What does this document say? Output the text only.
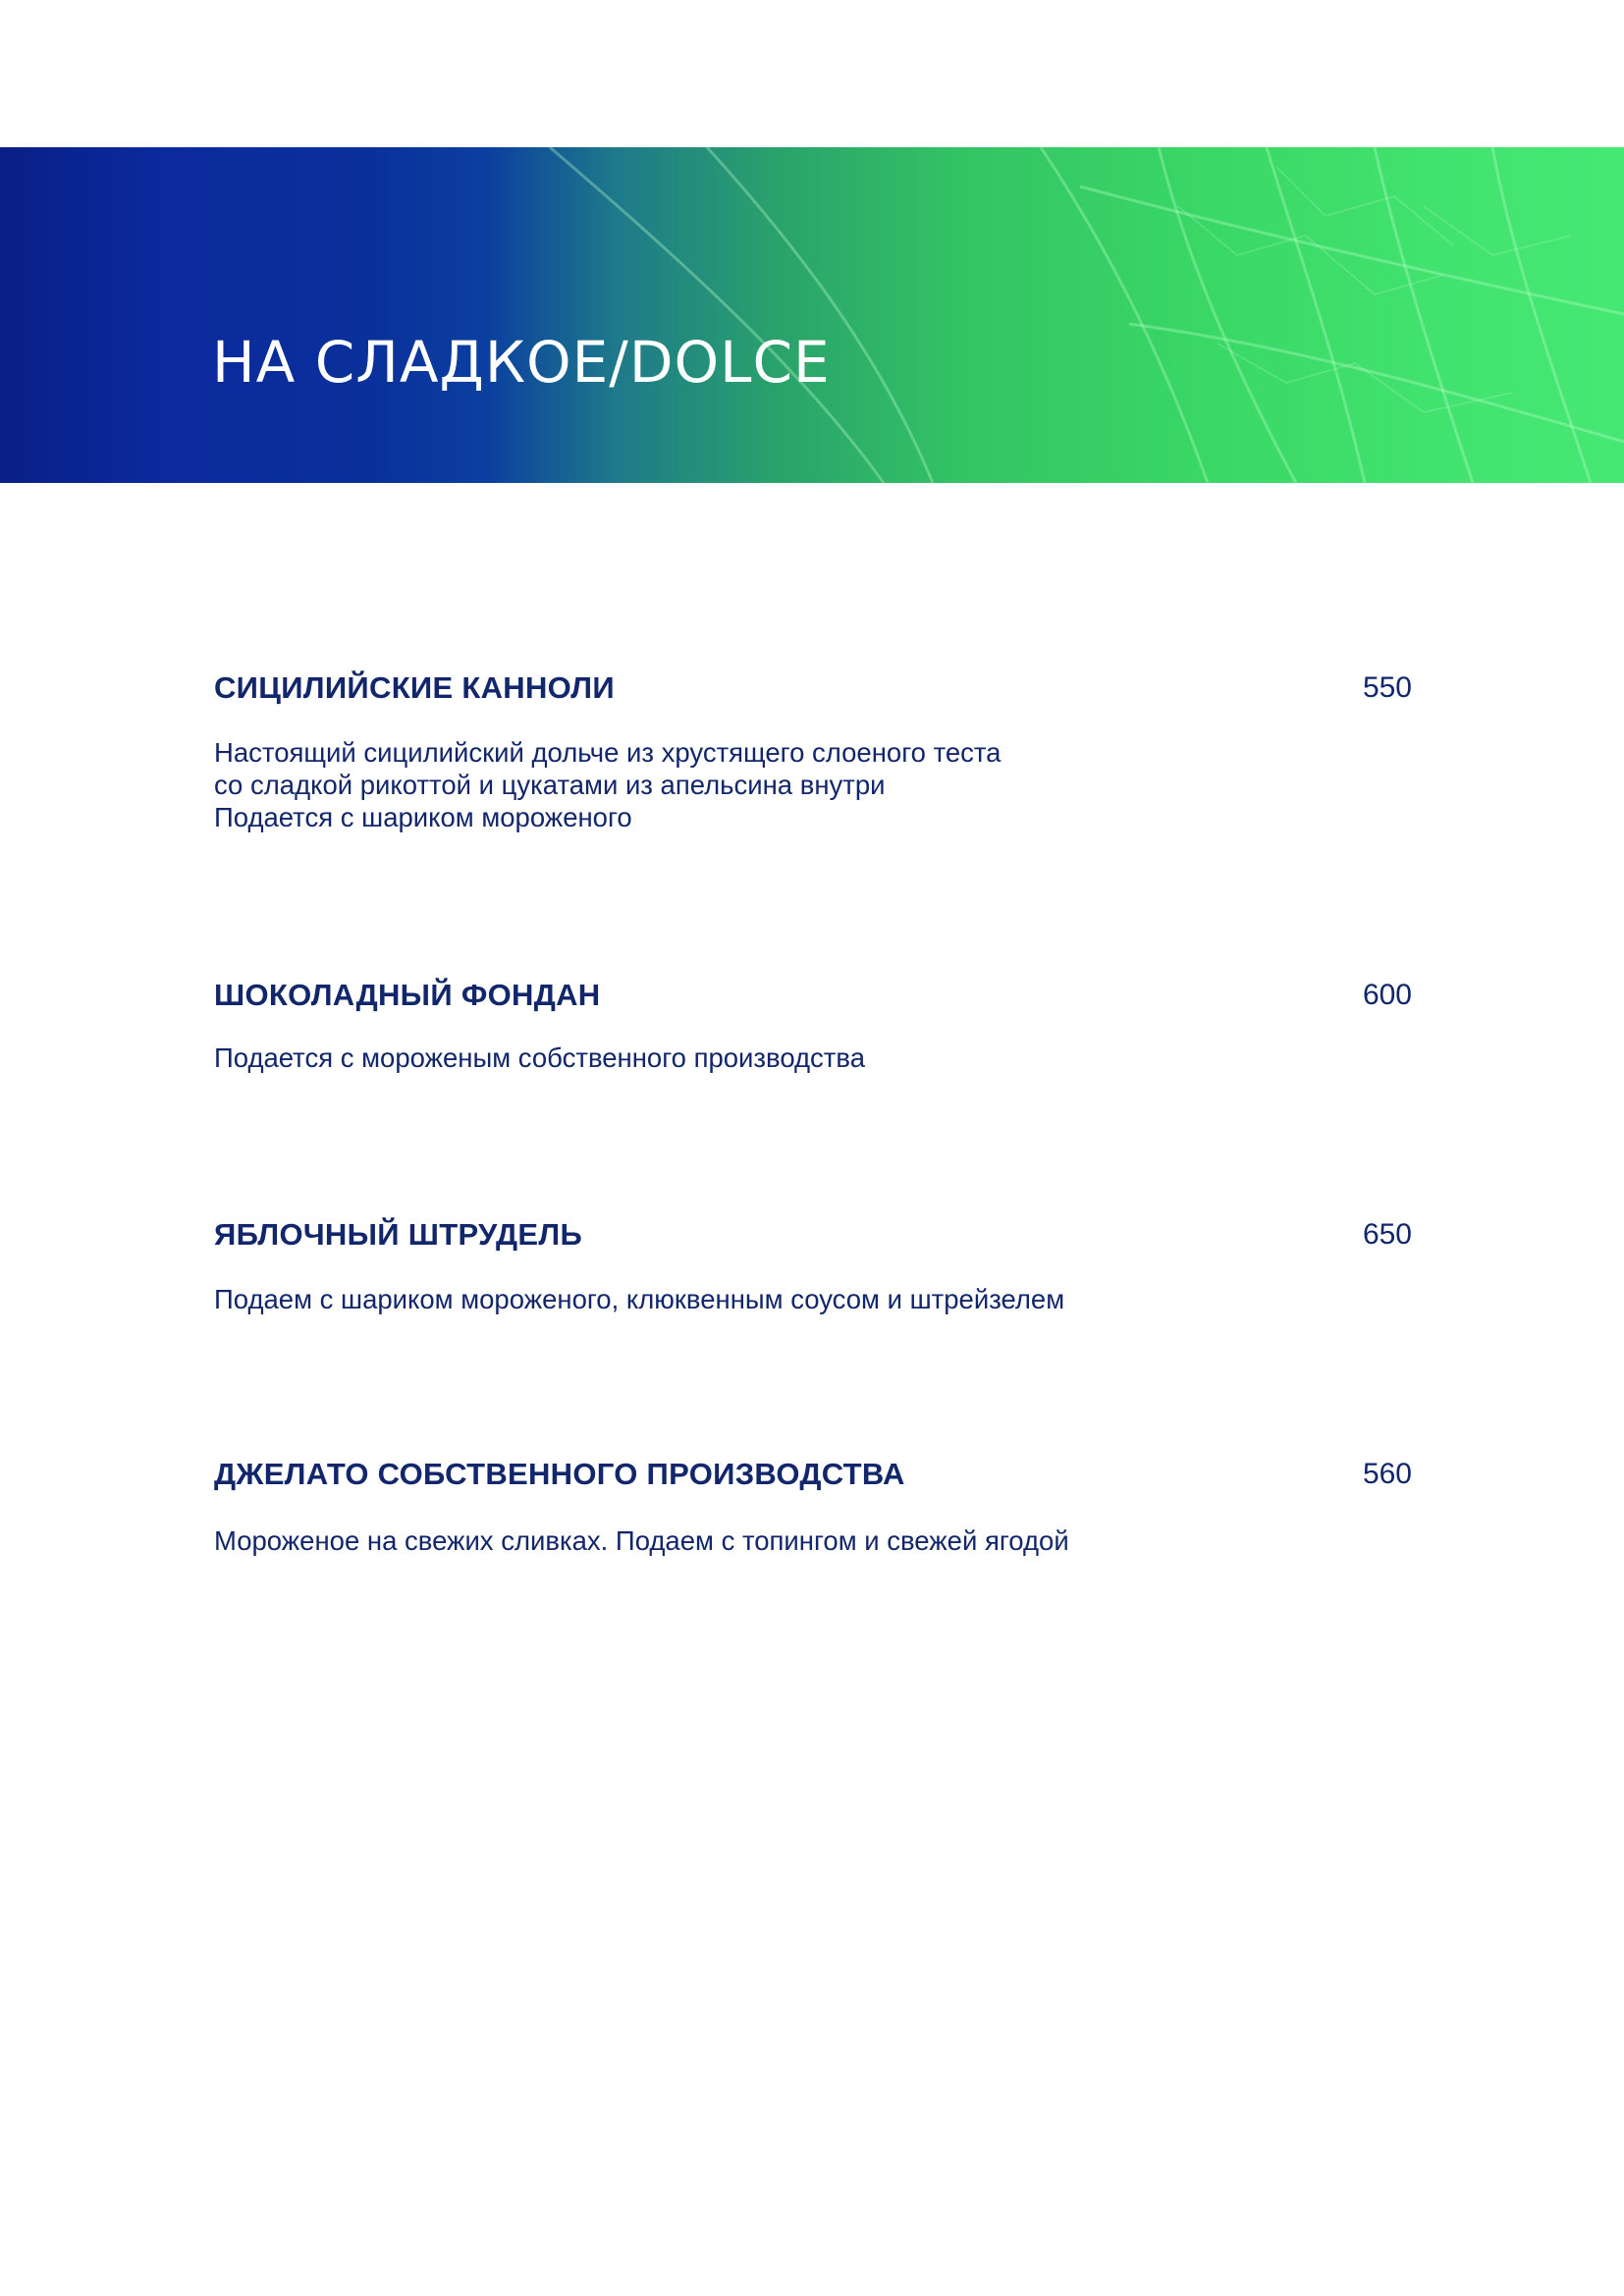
НА СЛАДКОЕ/DOLCE
СИЦИЛИЙСКИЕ КАННОЛИ	550

Настоящий сицилийский дольче из хрустящего слоеного теста
со сладкой рикоттой и цукатами из апельсина внутри
Подается с шариком мороженого

ШОКОЛАДНЫЙ ФОНДАН	600

Подается с мороженым собственного производства

ЯБЛОЧНЫЙ ШТРУДЕЛЬ	650

Подаем с шариком мороженого, клюквенным соусом и штрейзелем

ДЖЕЛАТО СОБСТВЕННОГО ПРОИЗВОДСТВА	560

Мороженое на свежих сливках. Подаем с топингом и свежей ягодой
